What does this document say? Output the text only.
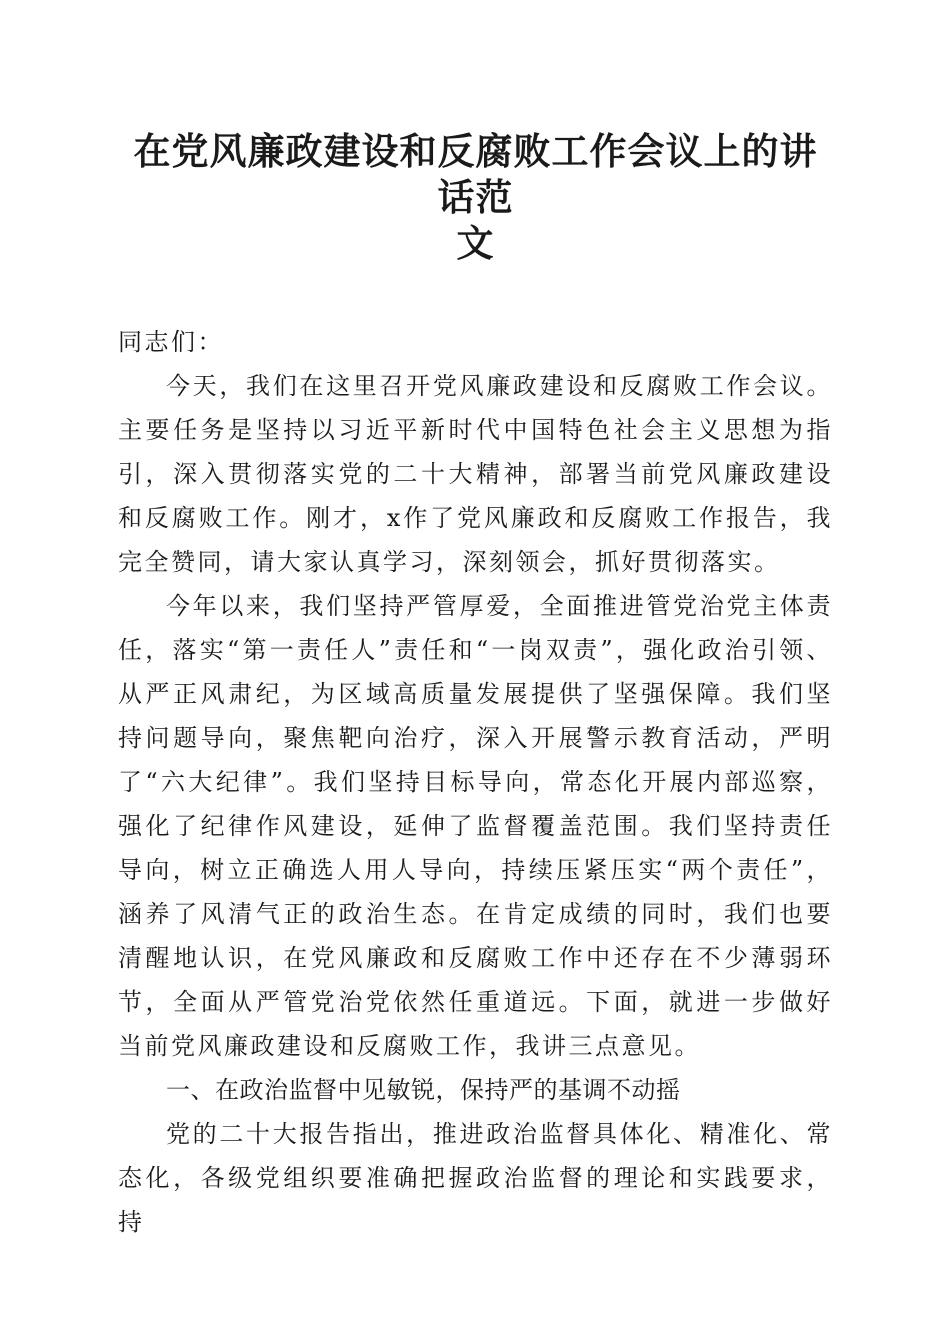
在党风廉政建设和反腐败工作会议上的讲话范
文

同志们：

今天，我们在这里召开党风廉政建设和反腐败工作会议。主要任务是坚持以习近平新时代中国特色社会主义思想为指引，深入贯彻落实党的二十大精神，部署当前党风廉政建设和反腐败工作。刚才，x作了党风廉政和反腐败工作报告，我完全赞同，请大家认真学习，深刻领会，抓好贯彻落实。

今年以来，我们坚持严管厚爱，全面推进管党治党主体责任，落实“第一责任人”责任和“一岗双责”，强化政治引领、从严正风肃纪，为区域高质量发展提供了坚强保障。我们坚持问题导向，聚焦靶向治疗，深入开展警示教育活动，严明了“六大纪律”。我们坚持目标导向，常态化开展内部巡察，强化了纪律作风建设，延伸了监督覆盖范围。我们坚持责任导向，树立正确选人用人导向，持续压紧压实“两个责任”，涵养了风清气正的政治生态。在肯定成绩的同时，我们也要清醒地认识，在党风廉政和反腐败工作中还存在不少薄弱环节，全面从严管党治党依然任重道远。下面，就进一步做好当前党风廉政建设和反腐败工作，我讲三点意见。

一、在政治监督中见敏锐，保持严的基调不动摇

党的二十大报告指出，推进政治监督具体化、精准化、常态化，各级党组织要准确把握政治监督的理论和实践要求，持
